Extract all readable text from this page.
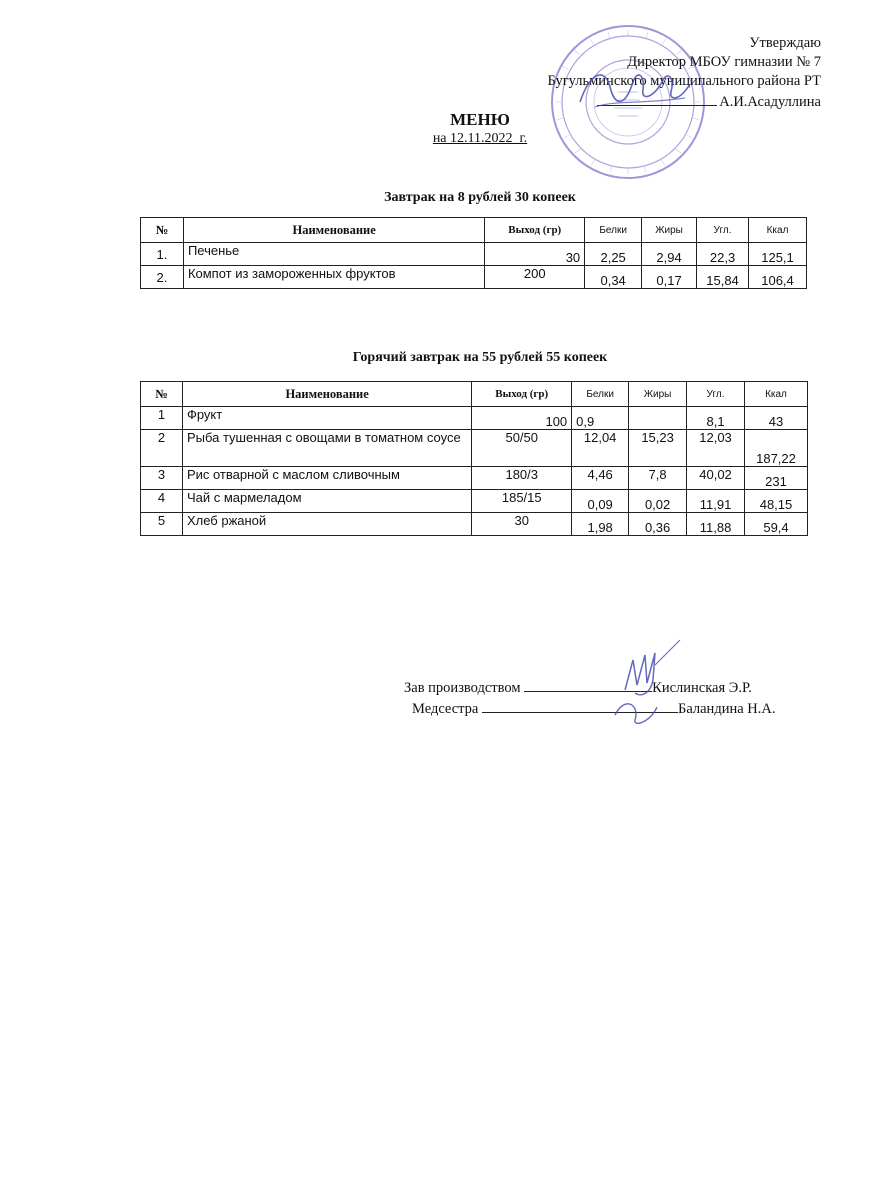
Утверждаю
Директор МБОУ гимназии № 7
Бугульминского муниципального района РТ
А.И.Асадуллина
МЕНЮ
на 12.11.2022_г.
Завтрак на 8 рублей 30 копеек
№	Наименование	Выход (гр)	Белки	Жиры	Угл.	Ккал
1.	Печенье	30	2,25	2,94	22,3	125,1
2.	Компот из замороженных фруктов	200	0,34	0,17	15,84	106,4
Горячий завтрак на 55 рублей 55 копеек
№	Наименование	Выход (гр)	Белки	Жиры	Угл.	Ккал
1	Фрукт	100	0,9		8,1	43
2	Рыба тушенная с овощами в томатном соусе	50/50	12,04	15,23	12,03	187,22
3	Рис отварной с маслом сливочным	180/3	4,46	7,8	40,02	231
4	Чай с мармеладом	185/15	0,09	0,02	11,91	48,15
5	Хлеб ржаной	30	1,98	0,36	11,88	59,4
Зав производством	Кислинская Э.Р.
Медсестра	Баландина Н.А.
